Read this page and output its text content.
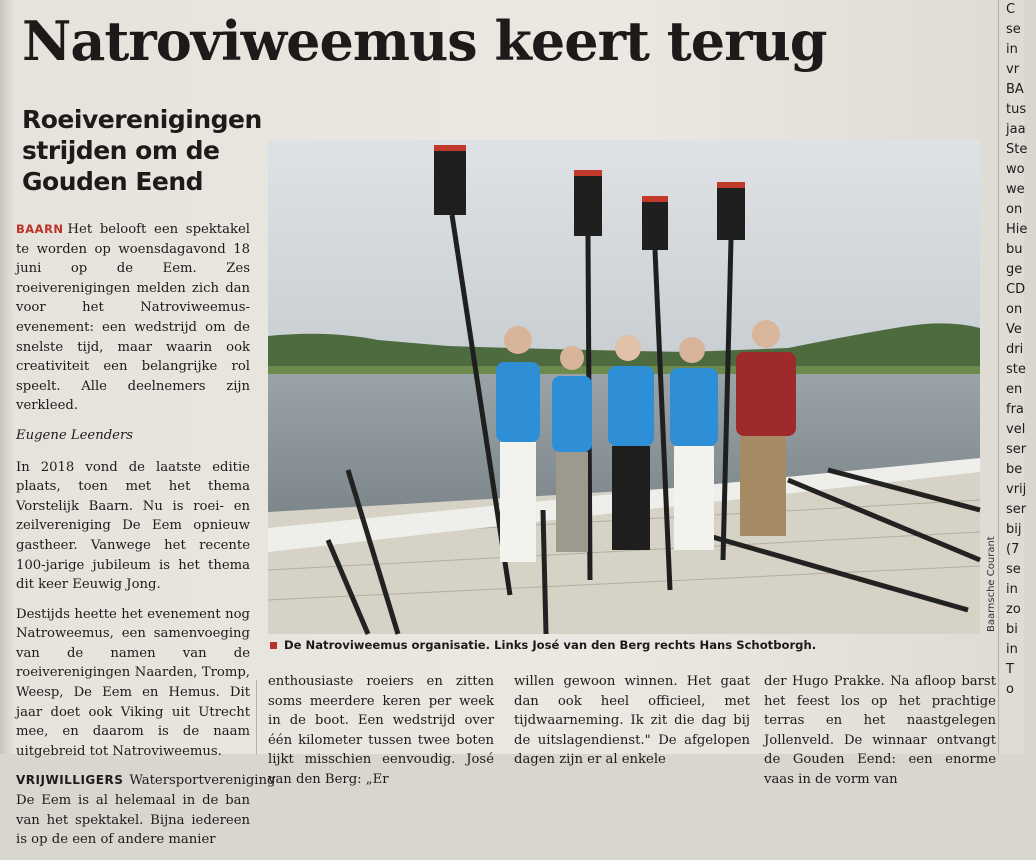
Natroviweemus keert terug
Roeiverenigingen strijden om de Gouden Eend

BAARN Het belooft een spektakel te worden op woensdagavond 18 juni op de Eem. Zes roeiverenigingen melden zich dan voor het Natroviweemus-evenement: een wedstrijd om de snelste tijd, maar waarin ook creativiteit een belangrijke rol speelt. Alle deelnemers zijn verkleed.

Eugene Leenders

In 2018 vond de laatste editie plaats, toen met het thema Vorstelijk Baarn. Nu is roei- en zeilvereniging De Eem opnieuw gastheer. Vanwege het recente 100-jarige jubileum is het thema dit keer Eeuwig Jong.

Destijds heette het evenement nog Natroweemus, een samenvoeging van de namen van de roeiverenigingen Naarden, Tromp, Weesp, De Eem en Hemus. Dit jaar doet ook Viking uit Utrecht mee, en daarom is de naam uitgebreid tot Natroviweemus.

VRIJWILLIGERS Watersportvereniging De Eem is al helemaal in de ban van het spektakel. Bijna iedereen is op de een of andere manier

Baarnsche Courant
De Natroviweemus organisatie. Links José van den Berg rechts Hans Schotborgh.
enthousiaste roeiers en zitten soms meerdere keren per week in de boot. Een wedstrijd over één kilometer tussen twee boten lijkt misschien eenvoudig. José van den Berg: „Er
willen gewoon winnen. Het gaat dan ook heel officieel, met tijdwaarneming. Ik zit die dag bij de uitslagendienst." De afgelopen dagen zijn er al enkele
der Hugo Prakke. Na afloop barst het feest los op het prachtige terras en het naastgelegen Jollenveld. De winnaar ontvangt de Gouden Eend: een enorme vaas in de vorm van
C
se
in
vr
BA
tus
jaa
Ste
wo
we
on
Hie
bu
ge
CD
on
Ve
dri
ste
en
fra
vel
ser
be
vrij
ser
bij
(7
se
in
zo
bi
in
T
o
